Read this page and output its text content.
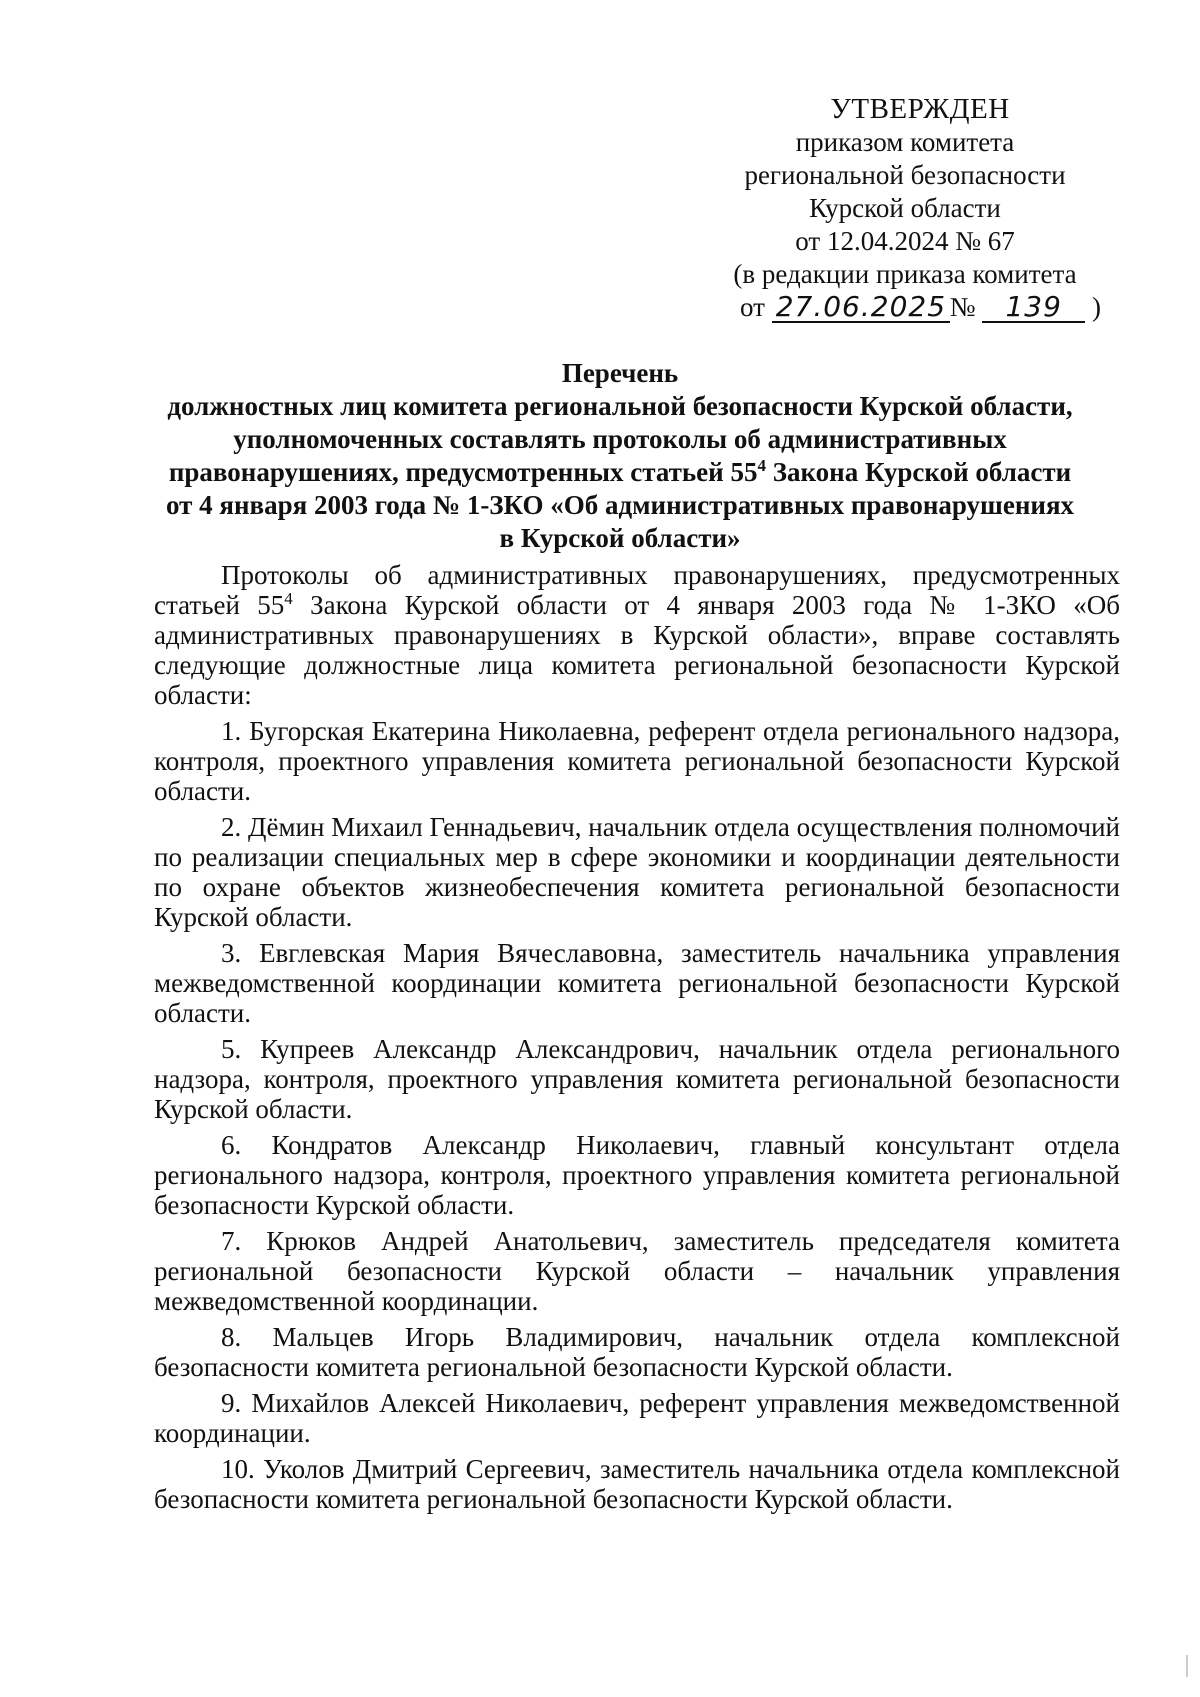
УТВЕРЖДЕН
приказом комитета
региональной безопасности
Курской области
от 12.04.2024 № 67
(в редакции приказа комитета
от 27.06.2025 № 139 )
Перечень
должностных лиц комитета региональной безопасности Курской области,
уполномоченных составлять протоколы об административных
правонарушениях, предусмотренных статьей $55^4$ Закона Курской области
от 4 января 2003 года № 1-ЗКО «Об административных правонарушениях
в Курской области»

Протоколы об административных правонарушениях, предусмотренных статьей $55^4$ Закона Курской области от 4 января 2003 года № 1-ЗКО «Об административных правонарушениях в Курской области», вправе составлять следующие должностные лица комитета региональной безопасности Курской области:

1. Бугорская Екатерина Николаевна, референт отдела регионального надзора, контроля, проектного управления комитета региональной безопасности Курской области.

2. Дёмин Михаил Геннадьевич, начальник отдела осуществления полномочий по реализации специальных мер в сфере экономики и координации деятельности по охране объектов жизнеобеспечения комитета региональной безопасности Курской области.

3. Евглевская Мария Вячеславовна, заместитель начальника управления межведомственной координации комитета региональной безопасности Курской области.

5. Купреев Александр Александрович, начальник отдела регионального надзора, контроля, проектного управления комитета региональной безопасности Курской области.

6. Кондратов Александр Николаевич, главный консультант отдела регионального надзора, контроля, проектного управления комитета региональной безопасности Курской области.

7. Крюков Андрей Анатольевич, заместитель председателя комитета региональной безопасности Курской области – начальник управления межведомственной координации.

8. Мальцев Игорь Владимирович, начальник отдела комплексной безопасности комитета региональной безопасности Курской области.

9. Михайлов Алексей Николаевич, референт управления межведомственной координации.

10. Уколов Дмитрий Сергеевич, заместитель начальника отдела комплексной безопасности комитета региональной безопасности Курской области.
